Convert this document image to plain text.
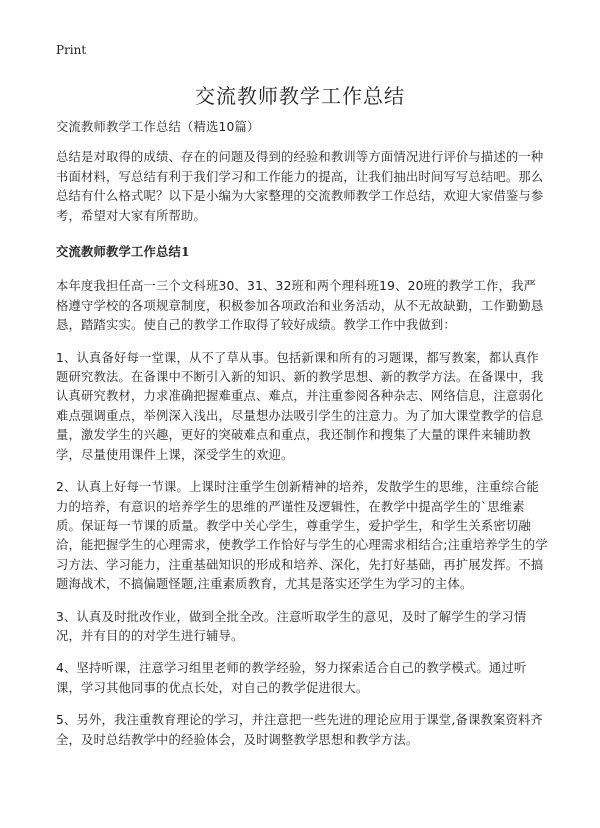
Print
交流教师教学工作总结

交流教师教学工作总结（精选10篇）

总结是对取得的成绩、存在的问题及得到的经验和教训等方面情况进行评价与描述的一种书面材料，写总结有利于我们学习和工作能力的提高，让我们抽出时间写写总结吧。那么总结有什么格式呢？以下是小编为大家整理的交流教师教学工作总结，欢迎大家借鉴与参考，希望对大家有所帮助。

交流教师教学工作总结1

本年度我担任高一三个文科班30、31、32班和两个理科班19、20班的教学工作，我严格遵守学校的各项规章制度，积极参加各项政治和业务活动，从不无故缺勤，工作勤勤恳恳，踏踏实实。使自己的教学工作取得了较好成绩。教学工作中我做到：

1、认真备好每一堂课，从不了草从事。包括新课和所有的习题课，都写教案，都认真作题研究教法。在备课中不断引入新的知识、新的教学思想、新的教学方法。在备课中，我认真研究教材，力求准确把握难重点、难点，并注重参阅各种杂志、网络信息，注意弱化难点强调重点，举例深入浅出，尽量想办法吸引学生的注意力。为了加大课堂教学的信息量，激发学生的兴趣，更好的突破难点和重点，我还制作和搜集了大量的课件来辅助教学，尽量使用课件上课，深受学生的欢迎。

2、认真上好每一节课。上课时注重学生创新精神的培养，发散学生的思维，注重综合能力的培养，有意识的培养学生的思维的严谨性及逻辑性，在教学中提高学生的`思维素质。保证每一节课的质量。教学中关心学生，尊重学生，爱护学生，和学生关系密切融洽，能把握学生的心理需求，使教学工作恰好与学生的心理需求相结合;注重培养学生的学习方法、学习能力，注重基础知识的形成和培养、深化，先打好基础，再扩展发挥。不搞题海战术，不搞偏题怪题,注重素质教育，尤其是落实还学生为学习的主体。

3、认真及时批改作业，做到全批全改。注意听取学生的意见，及时了解学生的学习情况，并有目的的对学生进行辅导。

4、坚持听课，注意学习组里老师的教学经验，努力探索适合自己的教学模式。通过听课，学习其他同事的优点长处，对自己的教学促进很大。

5、另外，我注重教育理论的学习，并注意把一些先进的理论应用于课堂,备课教案资料齐全，及时总结教学中的经验体会，及时调整教学思想和教学方法。
